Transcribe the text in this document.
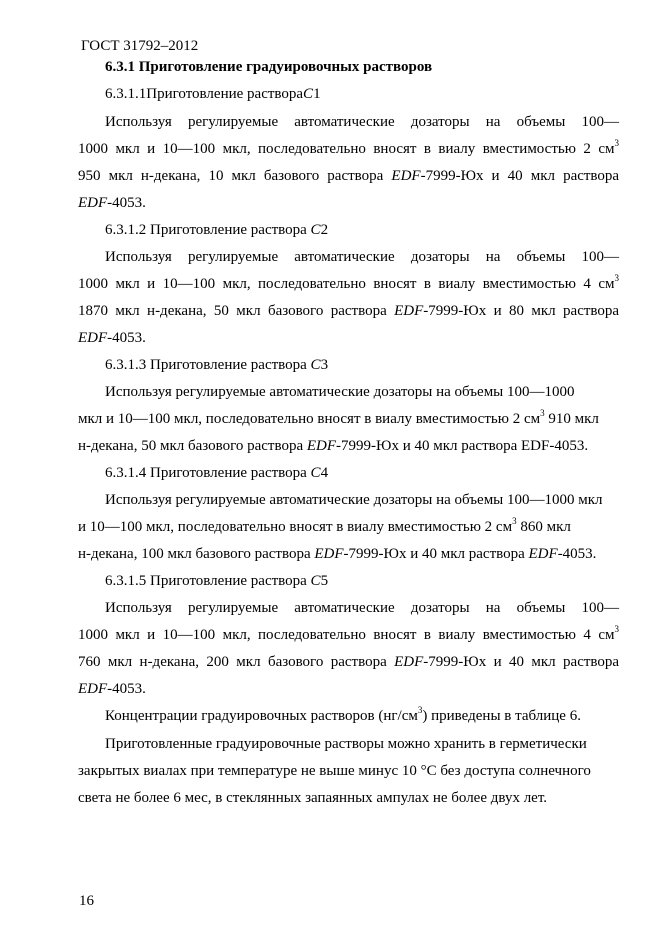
ГОСТ 31792–2012
6.3.1 Приготовление градуировочных растворов
6.3.1.1Приготовление раствораC1
Используя регулируемые автоматические дозаторы на объемы 100—
1000 мкл и 10—100 мкл, последовательно вносят в виалу вместимостью 2 $см^3$
950 мкл н-декана, 10 мкл базового раствора EDF-7999-Юх и 40 мкл раствора
EDF-4053.
6.3.1.2 Приготовление раствора C2
Используя регулируемые автоматические дозаторы на объемы 100—
1000 мкл и 10—100 мкл, последовательно вносят в виалу вместимостью 4 $см^3$
1870 мкл н-декана, 50 мкл базового раствора EDF-7999-Юх и 80 мкл раствора
EDF-4053.
6.3.1.3 Приготовление раствора C3
Используя регулируемые автоматические дозаторы на объемы 100—1000
мкл и 10—100 мкл, последовательно вносят в виалу вместимостью 2 $см^3$ 910 мкл
н-декана, 50 мкл базового раствора EDF-7999-Юх и 40 мкл раствора EDF-4053.
6.3.1.4 Приготовление раствора C4
Используя регулируемые автоматические дозаторы на объемы 100—1000 мкл
и 10—100 мкл, последовательно вносят в виалу вместимостью 2 $см^3$ 860 мкл
н-декана, 100 мкл базового раствора EDF-7999-Юх и 40 мкл раствора EDF-4053.
6.3.1.5 Приготовление раствора C5
Используя регулируемые автоматические дозаторы на объемы 100—
1000 мкл и 10—100 мкл, последовательно вносят в виалу вместимостью 4 $см^3$
760 мкл н-декана, 200 мкл базового раствора EDF-7999-Юх и 40 мкл раствора
EDF-4053.
Концентрации градуировочных растворов $(нг/см^3)$ приведены в таблице 6.
Приготовленные градуировочные растворы можно хранить в герметически
закрытых виалах при температуре не выше минус 10 °С без доступа солнечного
света не более 6 мес, в стеклянных запаянных ампулах не более двух лет.
16
